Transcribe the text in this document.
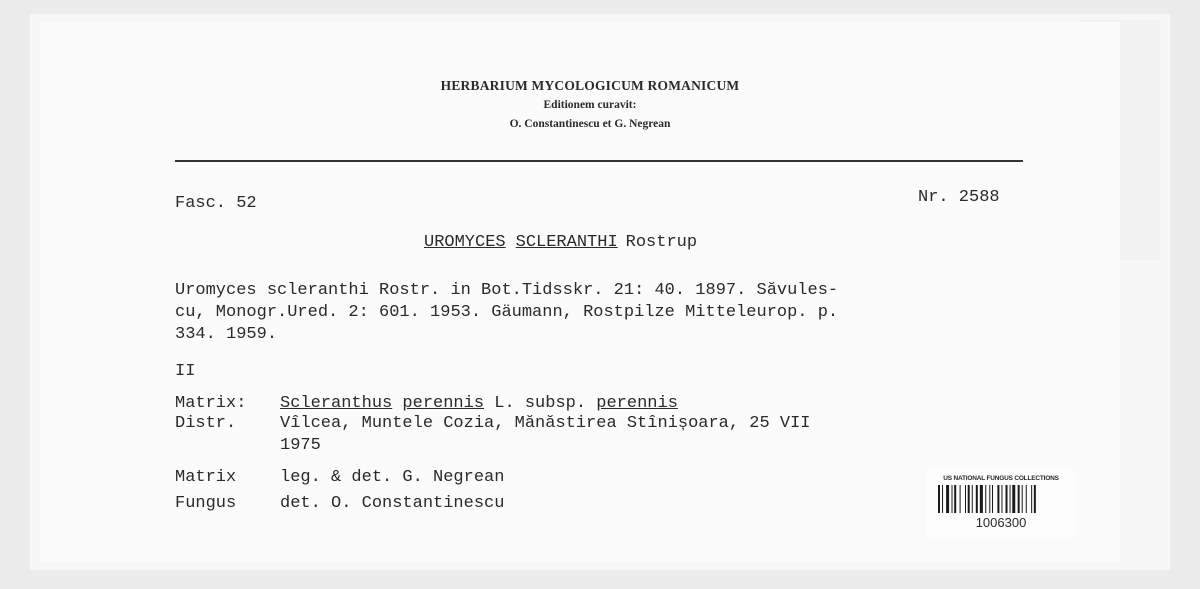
HERBARIUM MYCOLOGICUM ROMANICUM
Editionem curavit:
O. Constantinescu et G. Negrean
Fasc. 52	Nr. 2588
UROMYCES SCLERANTHI Rostrup
Uromyces scleranthi Rostr. in Bot.Tidsskr. 21: 40. 1897. Săvules-
cu, Monogr.Ured. 2: 601. 1953. Gäumann, Rostpilze Mitteleurop. p.
334. 1959.
II
Matrix: Scleranthus perennis L. subsp. perennis
Distr.	Vîlcea, Muntele Cozia, Mănăstirea Stînișoara, 25 VII
1975
Matrix	leg. & det. G. Negrean
Fungus	det. O. Constantinescu
US NATIONAL FUNGUS COLLECTIONS
1006300
